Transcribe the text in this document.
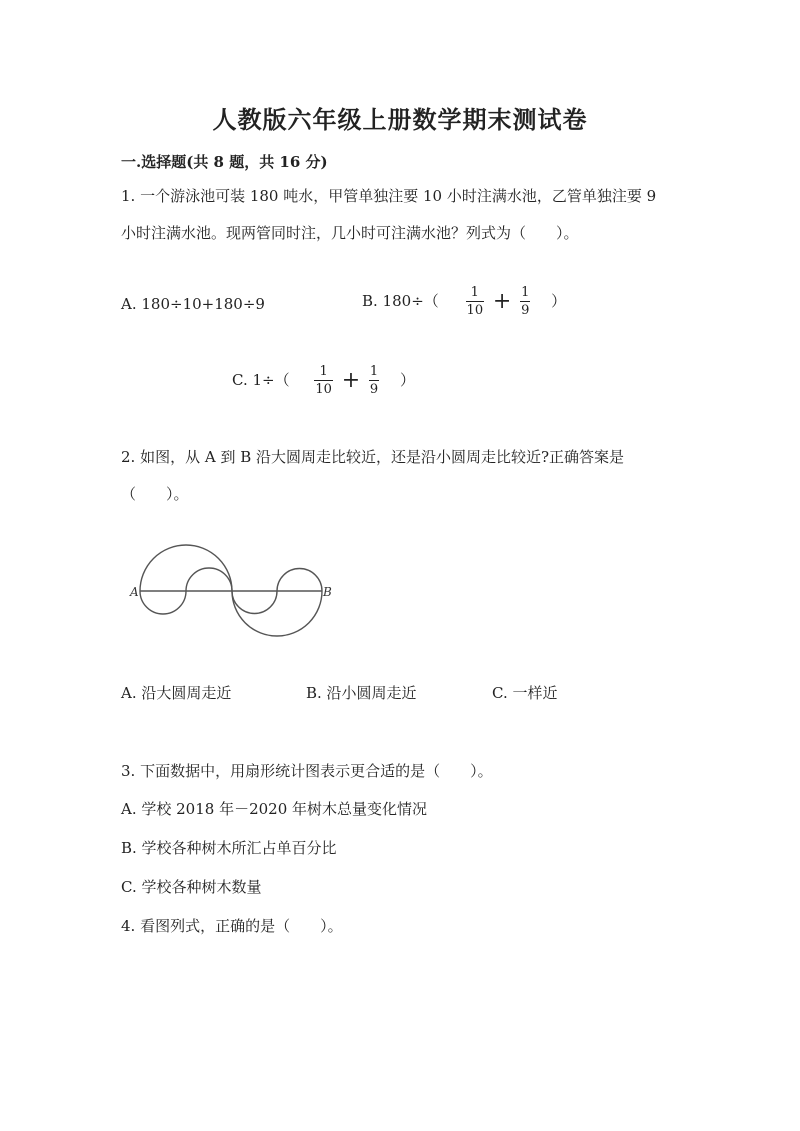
人教版六年级上册数学期末测试卷
一.选择题(共 8 题，共 16 分)
1. 一个游泳池可装 180 吨水，甲管单独注要 10 小时注满水池，乙管单独注要 9
小时注满水池。现两管同时注，几小时可注满水池？列式为（　　）。
A. 180÷10+180÷9	B. $180\div( \frac{1}{10} + \frac{1}{9}$ ）
C. $1\div( \frac{1}{10} + \frac{1}{9}$ ）
2. 如图，从 A 到 B 沿大圆周走比较近，还是沿小圆周走比较近?正确答案是
（　　）。
A	B
A. 沿大圆周走近	B. 沿小圆周走近	C. 一样近
3. 下面数据中，用扇形统计图表示更合适的是（　　）。
A. 学校 2018 年－2020 年树木总量变化情况
B. 学校各种树木所汇占单百分比
C. 学校各种树木数量
4. 看图列式，正确的是（　　）。
